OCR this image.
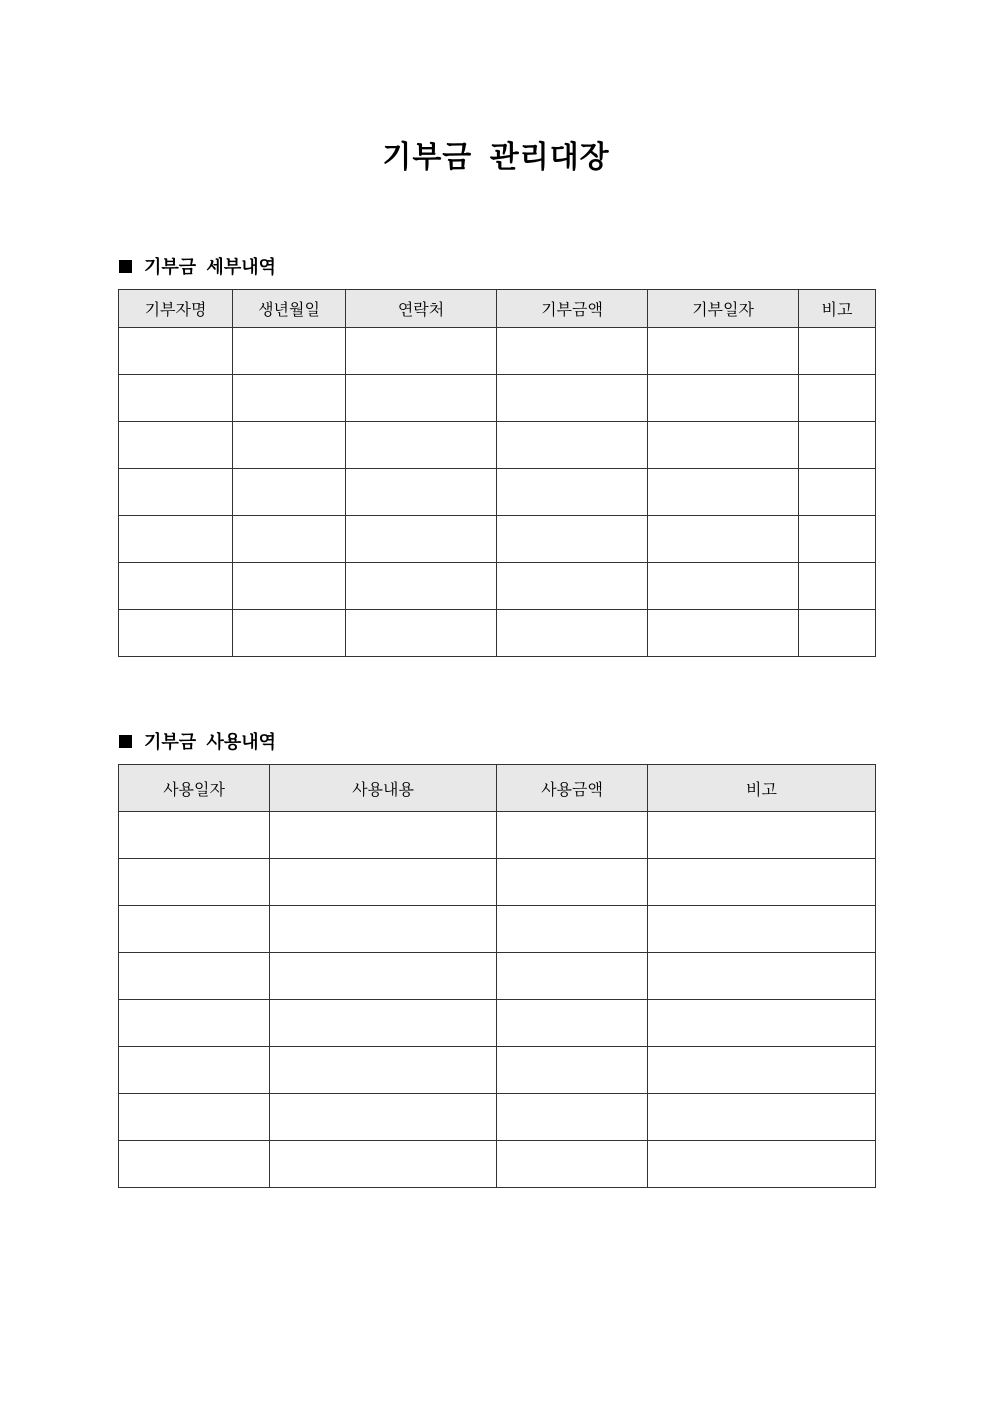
기부금 관리대장
기부금 세부내역
기부자명	생년월일	연락처	기부금액	기부일자	비고

기부금 사용내역
사용일자	사용내용	사용금액	비고
